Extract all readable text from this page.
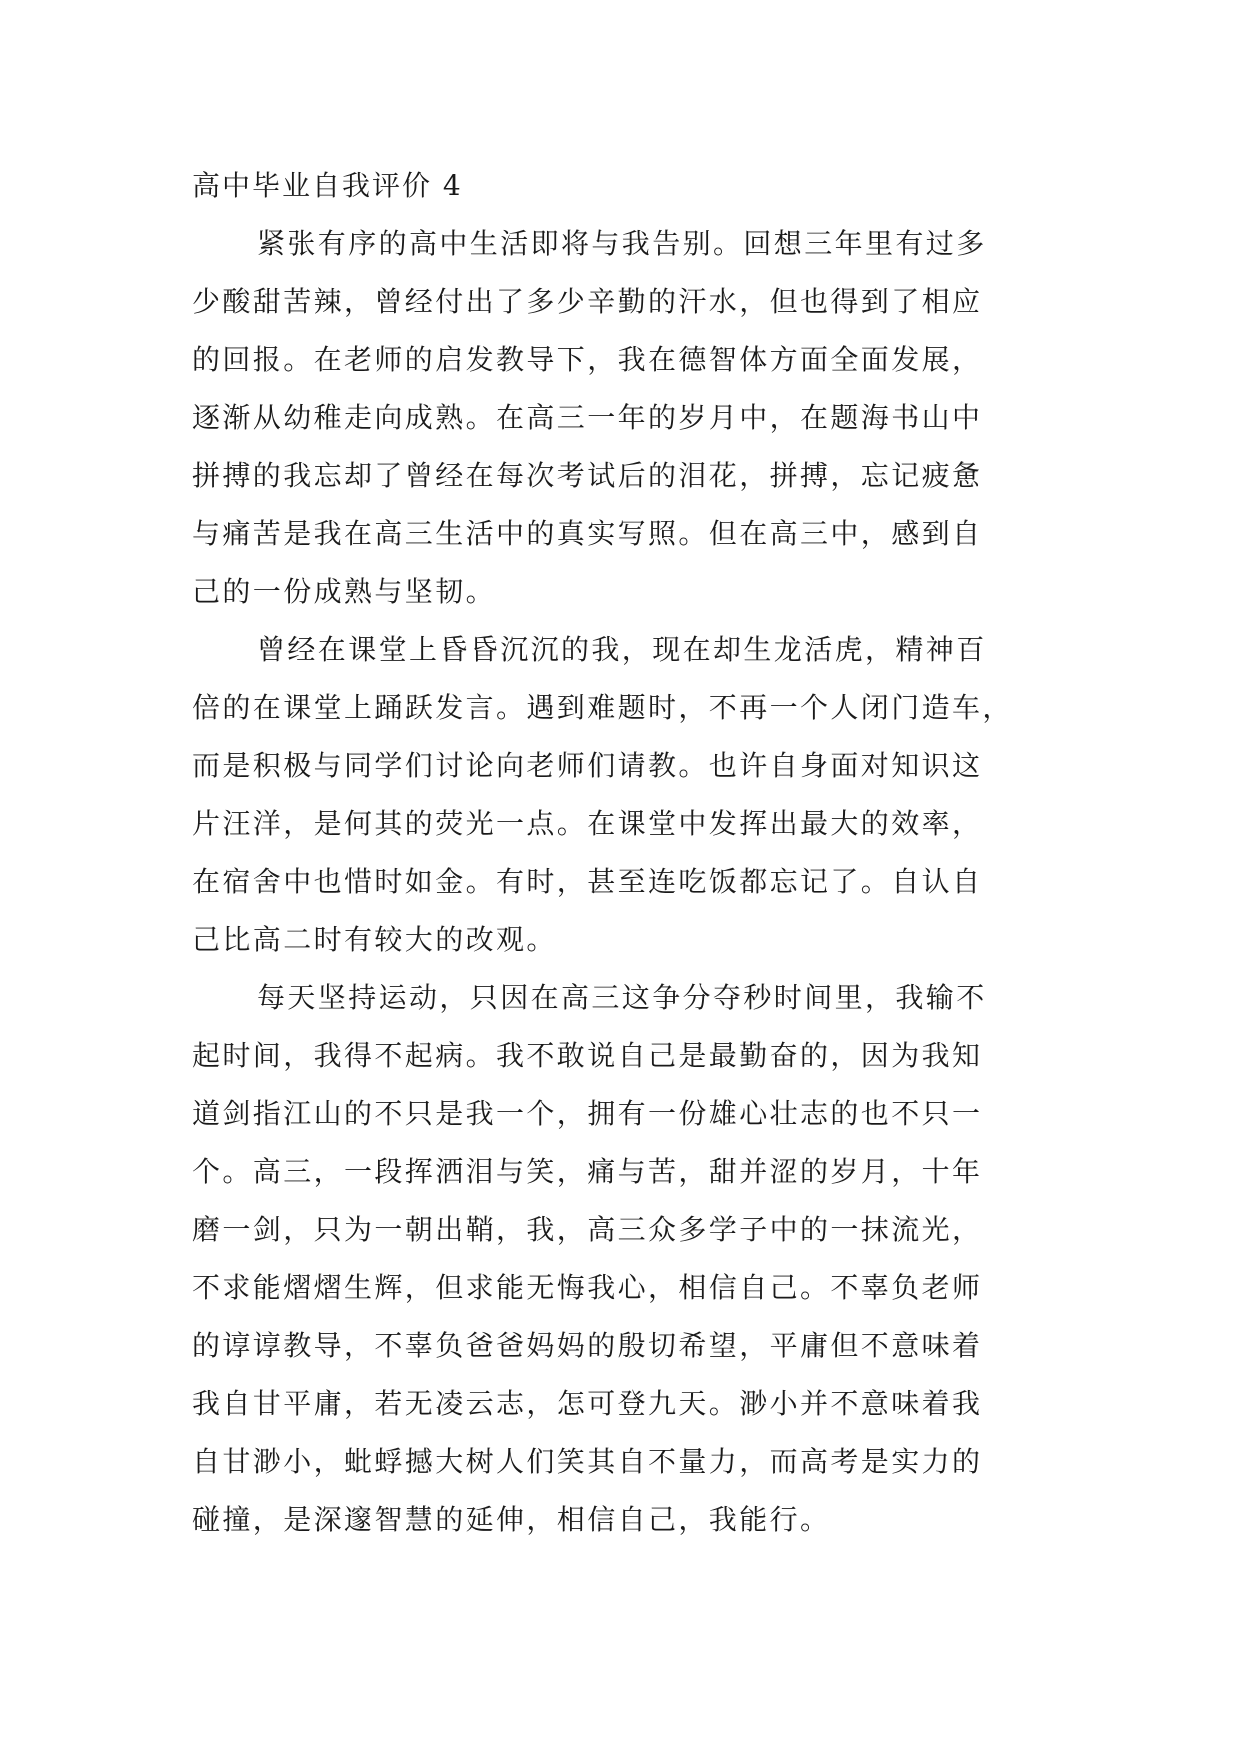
高中毕业自我评价 4
紧张有序的高中生活即将与我告别。回想三年里有过多
少酸甜苦辣，曾经付出了多少辛勤的汗水，但也得到了相应
的回报。在老师的启发教导下，我在德智体方面全面发展，
逐渐从幼稚走向成熟。在高三一年的岁月中，在题海书山中
拼搏的我忘却了曾经在每次考试后的泪花，拼搏，忘记疲惫
与痛苦是我在高三生活中的真实写照。但在高三中，感到自
己的一份成熟与坚韧。
曾经在课堂上昏昏沉沉的我，现在却生龙活虎，精神百
倍的在课堂上踊跃发言。遇到难题时，不再一个人闭门造车，
而是积极与同学们讨论向老师们请教。也许自身面对知识这
片汪洋，是何其的荧光一点。在课堂中发挥出最大的效率，
在宿舍中也惜时如金。有时，甚至连吃饭都忘记了。自认自
己比高二时有较大的改观。
每天坚持运动，只因在高三这争分夺秒时间里，我输不
起时间，我得不起病。我不敢说自己是最勤奋的，因为我知
道剑指江山的不只是我一个，拥有一份雄心壮志的也不只一
个。高三，一段挥洒泪与笑，痛与苦，甜并涩的岁月，十年
磨一剑，只为一朝出鞘，我，高三众多学子中的一抹流光，
不求能熠熠生辉，但求能无悔我心，相信自己。不辜负老师
的谆谆教导，不辜负爸爸妈妈的殷切希望，平庸但不意味着
我自甘平庸，若无凌云志，怎可登九天。渺小并不意味着我
自甘渺小，蚍蜉撼大树人们笑其自不量力，而高考是实力的
碰撞，是深邃智慧的延伸，相信自己，我能行。
